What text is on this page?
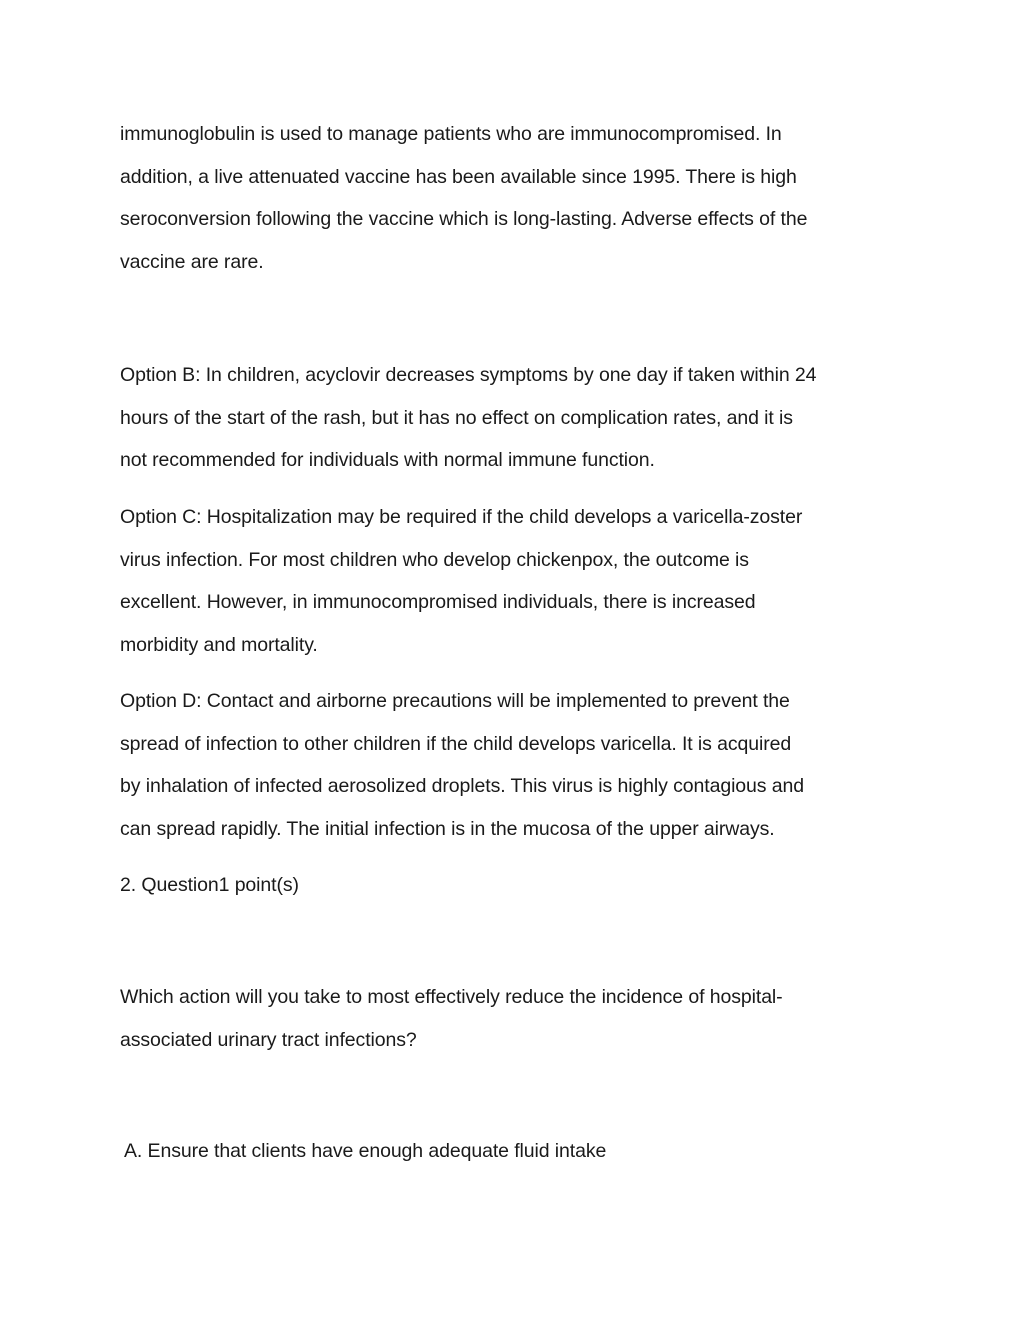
immunoglobulin is used to manage patients who are immunocompromised. In
addition, a live attenuated vaccine has been available since 1995. There is high
seroconversion following the vaccine which is long-lasting. Adverse effects of the
vaccine are rare.

Option B: In children, acyclovir decreases symptoms by one day if taken within 24
hours of the start of the rash, but it has no effect on complication rates, and it is
not recommended for individuals with normal immune function.

Option C: Hospitalization may be required if the child develops a varicella-zoster
virus infection. For most children who develop chickenpox, the outcome is
excellent. However, in immunocompromised individuals, there is increased
morbidity and mortality.

Option D: Contact and airborne precautions will be implemented to prevent the
spread of infection to other children if the child develops varicella. It is acquired
by inhalation of infected aerosolized droplets. This virus is highly contagious and
can spread rapidly. The initial infection is in the mucosa of the upper airways.

2. Question1 point(s)

Which action will you take to most effectively reduce the incidence of hospital-
associated urinary tract infections?

A. Ensure that clients have enough adequate fluid intake
